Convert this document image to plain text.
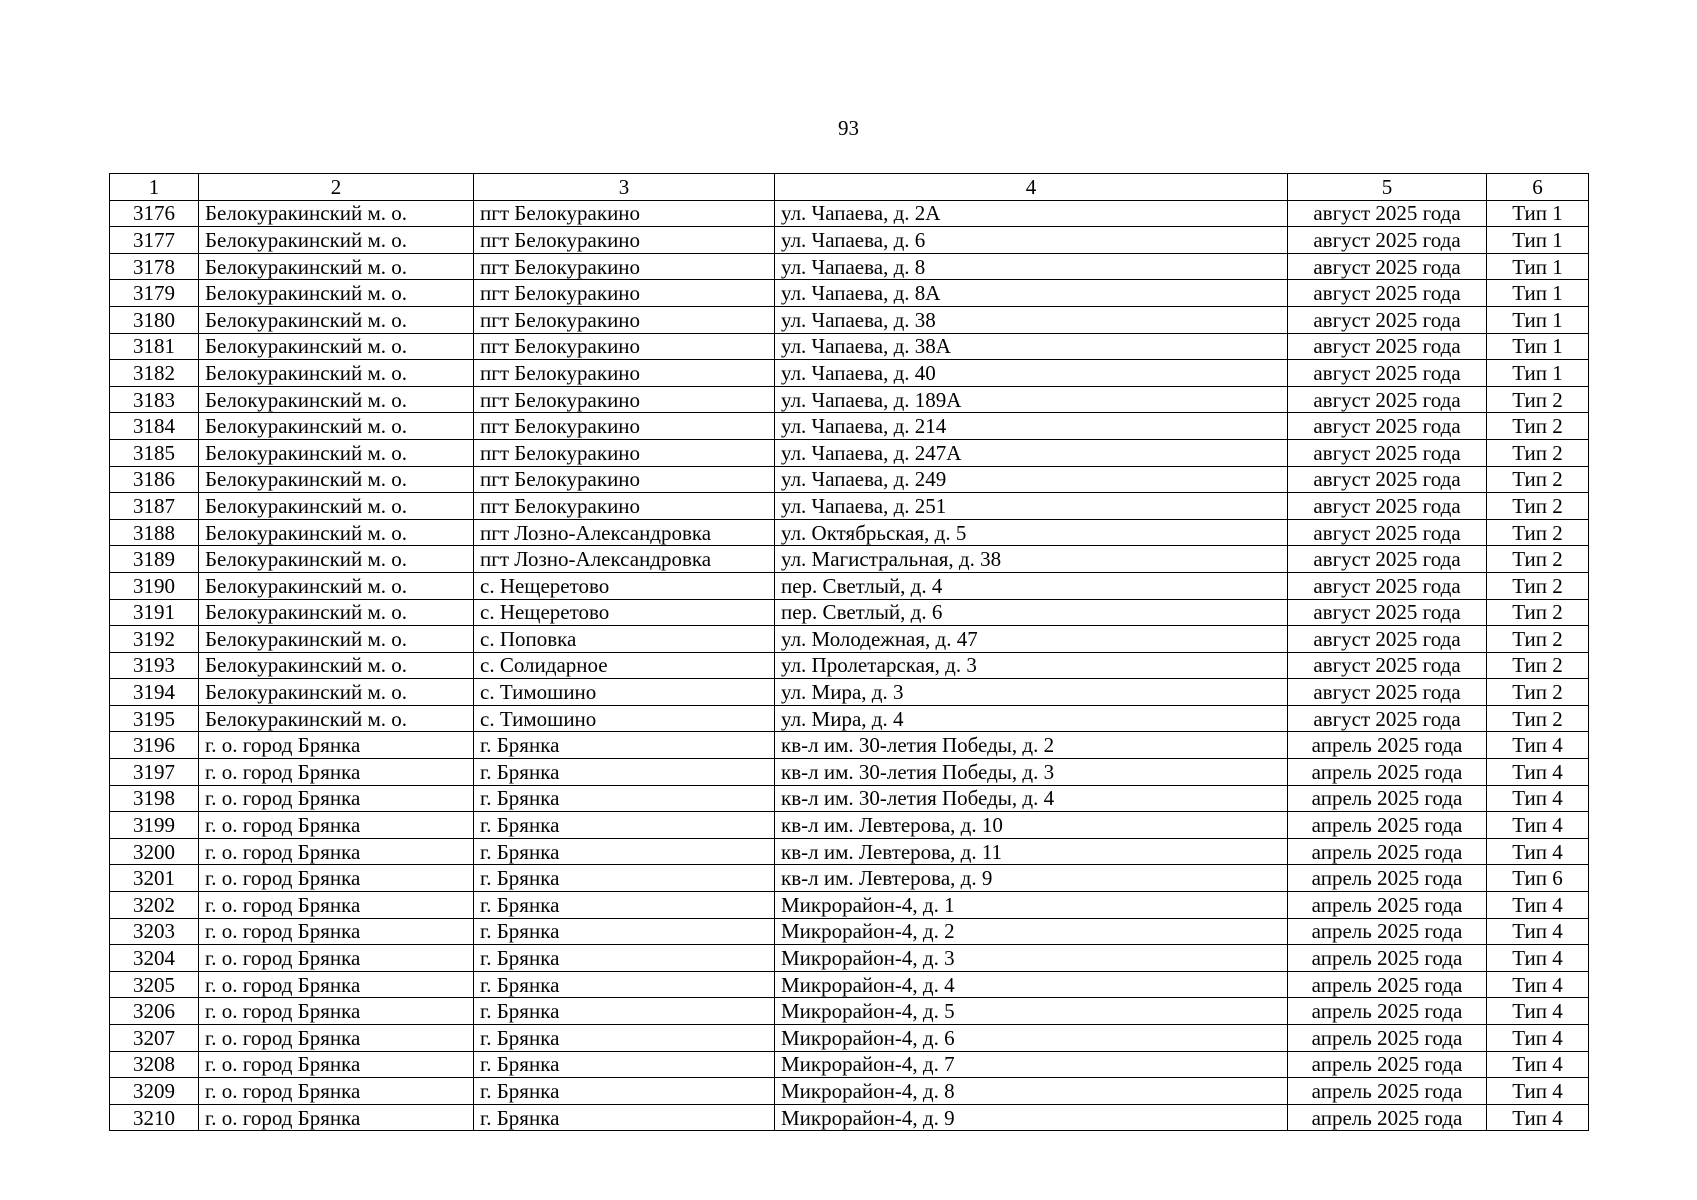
93
1	2	3	4	5	6
3176	Белокуракинский м. о.	пгт Белокуракино	ул. Чапаева, д. 2А	август 2025 года	Тип 1
3177	Белокуракинский м. о.	пгт Белокуракино	ул. Чапаева, д. 6	август 2025 года	Тип 1
3178	Белокуракинский м. о.	пгт Белокуракино	ул. Чапаева, д. 8	август 2025 года	Тип 1
3179	Белокуракинский м. о.	пгт Белокуракино	ул. Чапаева, д. 8А	август 2025 года	Тип 1
3180	Белокуракинский м. о.	пгт Белокуракино	ул. Чапаева, д. 38	август 2025 года	Тип 1
3181	Белокуракинский м. о.	пгт Белокуракино	ул. Чапаева, д. 38А	август 2025 года	Тип 1
3182	Белокуракинский м. о.	пгт Белокуракино	ул. Чапаева, д. 40	август 2025 года	Тип 1
3183	Белокуракинский м. о.	пгт Белокуракино	ул. Чапаева, д. 189А	август 2025 года	Тип 2
3184	Белокуракинский м. о.	пгт Белокуракино	ул. Чапаева, д. 214	август 2025 года	Тип 2
3185	Белокуракинский м. о.	пгт Белокуракино	ул. Чапаева, д. 247А	август 2025 года	Тип 2
3186	Белокуракинский м. о.	пгт Белокуракино	ул. Чапаева, д. 249	август 2025 года	Тип 2
3187	Белокуракинский м. о.	пгт Белокуракино	ул. Чапаева, д. 251	август 2025 года	Тип 2
3188	Белокуракинский м. о.	пгт Лозно-Александровка	ул. Октябрьская, д. 5	август 2025 года	Тип 2
3189	Белокуракинский м. о.	пгт Лозно-Александровка	ул. Магистральная, д. 38	август 2025 года	Тип 2
3190	Белокуракинский м. о.	с. Нещеретово	пер. Светлый, д. 4	август 2025 года	Тип 2
3191	Белокуракинский м. о.	с. Нещеретово	пер. Светлый, д. 6	август 2025 года	Тип 2
3192	Белокуракинский м. о.	с. Поповка	ул. Молодежная, д. 47	август 2025 года	Тип 2
3193	Белокуракинский м. о.	с. Солидарное	ул. Пролетарская, д. 3	август 2025 года	Тип 2
3194	Белокуракинский м. о.	с. Тимошино	ул. Мира, д. 3	август 2025 года	Тип 2
3195	Белокуракинский м. о.	с. Тимошино	ул. Мира, д. 4	август 2025 года	Тип 2
3196	г. о. город Брянка	г. Брянка	кв-л им. 30-летия Победы, д. 2	апрель 2025 года	Тип 4
3197	г. о. город Брянка	г. Брянка	кв-л им. 30-летия Победы, д. 3	апрель 2025 года	Тип 4
3198	г. о. город Брянка	г. Брянка	кв-л им. 30-летия Победы, д. 4	апрель 2025 года	Тип 4
3199	г. о. город Брянка	г. Брянка	кв-л им. Левтерова, д. 10	апрель 2025 года	Тип 4
3200	г. о. город Брянка	г. Брянка	кв-л им. Левтерова, д. 11	апрель 2025 года	Тип 4
3201	г. о. город Брянка	г. Брянка	кв-л им. Левтерова, д. 9	апрель 2025 года	Тип 6
3202	г. о. город Брянка	г. Брянка	Микрорайон-4, д. 1	апрель 2025 года	Тип 4
3203	г. о. город Брянка	г. Брянка	Микрорайон-4, д. 2	апрель 2025 года	Тип 4
3204	г. о. город Брянка	г. Брянка	Микрорайон-4, д. 3	апрель 2025 года	Тип 4
3205	г. о. город Брянка	г. Брянка	Микрорайон-4, д. 4	апрель 2025 года	Тип 4
3206	г. о. город Брянка	г. Брянка	Микрорайон-4, д. 5	апрель 2025 года	Тип 4
3207	г. о. город Брянка	г. Брянка	Микрорайон-4, д. 6	апрель 2025 года	Тип 4
3208	г. о. город Брянка	г. Брянка	Микрорайон-4, д. 7	апрель 2025 года	Тип 4
3209	г. о. город Брянка	г. Брянка	Микрорайон-4, д. 8	апрель 2025 года	Тип 4
3210	г. о. город Брянка	г. Брянка	Микрорайон-4, д. 9	апрель 2025 года	Тип 4
